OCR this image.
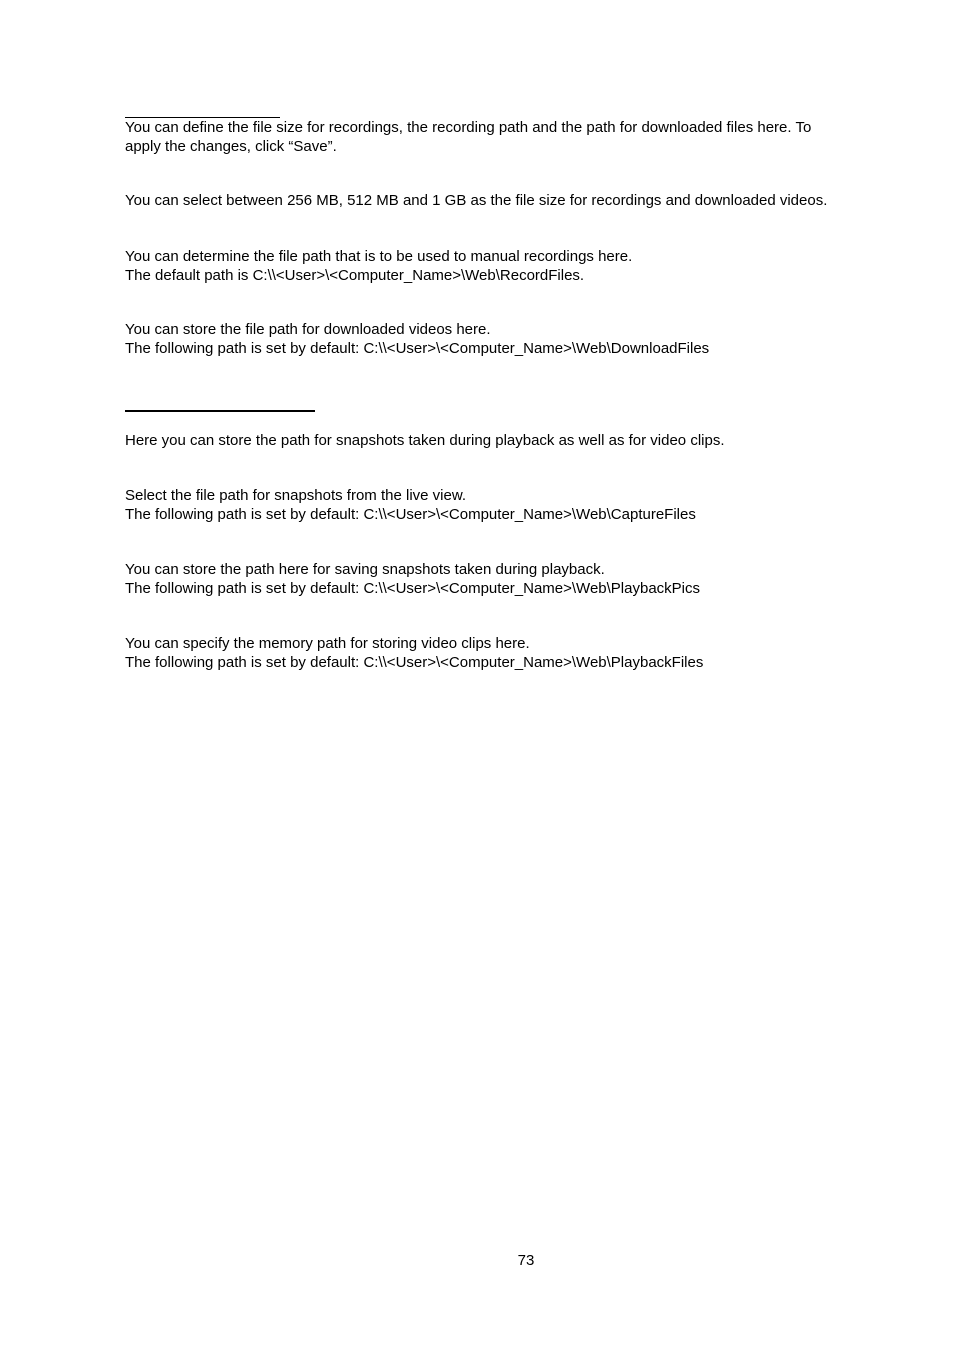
You can define the file size for recordings, the recording path and the path for downloaded files here. To
apply the changes, click “Save”.

You can select between 256 MB, 512 MB and 1 GB as the file size for recordings and downloaded videos.

You can determine the file path that is to be used to manual recordings here.
The default path is C:\\<User>\<Computer_Name>\Web\RecordFiles.

You can store the file path for downloaded videos here.
The following path is set by default: C:\\<User>\<Computer_Name>\Web\DownloadFiles

Here you can store the path for snapshots taken during playback as well as for video clips.

Select the file path for snapshots from the live view.
The following path is set by default: C:\\<User>\<Computer_Name>\Web\CaptureFiles

You can store the path here for saving snapshots taken during playback.
The following path is set by default: C:\\<User>\<Computer_Name>\Web\PlaybackPics

You can specify the memory path for storing video clips here.
The following path is set by default: C:\\<User>\<Computer_Name>\Web\PlaybackFiles

73
